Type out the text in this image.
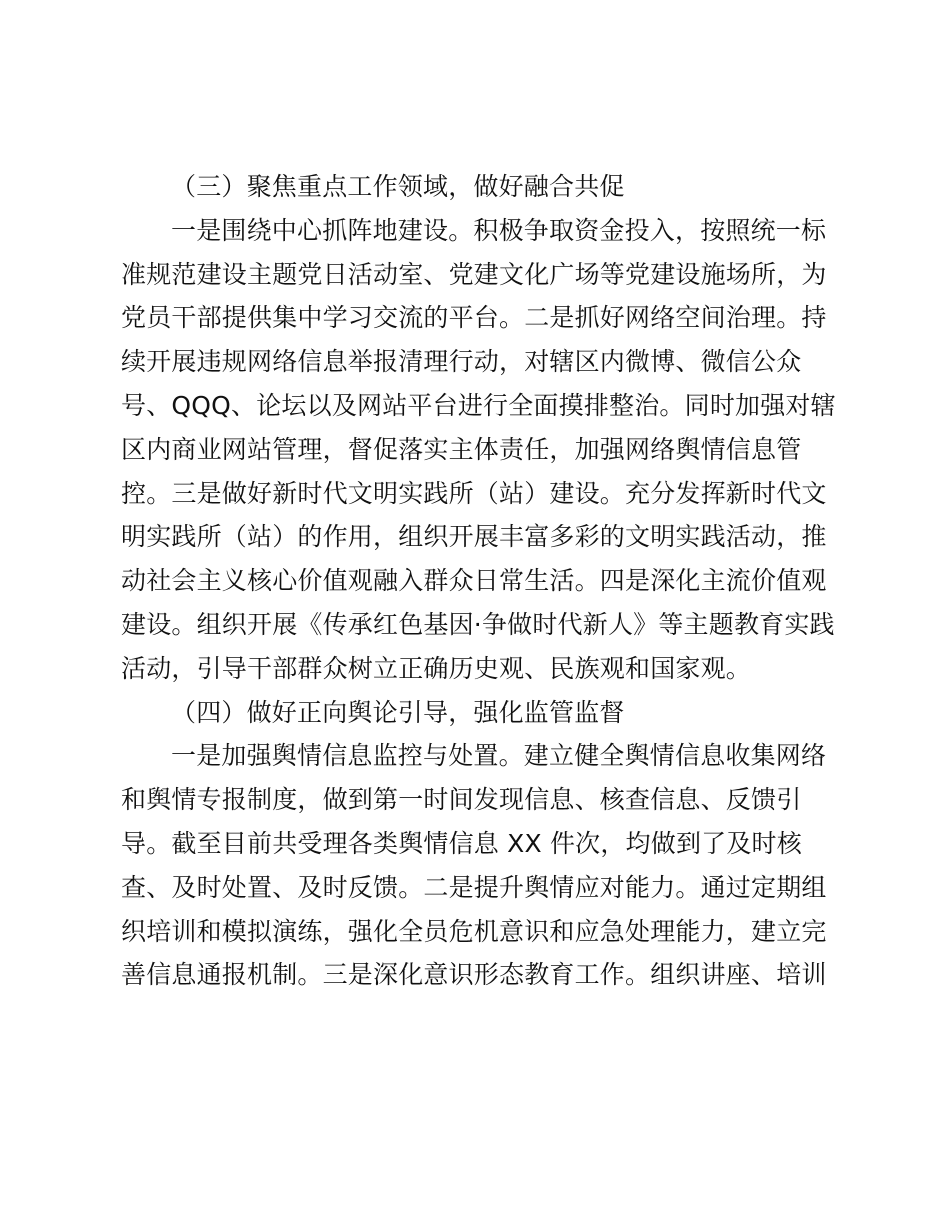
（三）聚焦重点工作领域，做好融合共促
一是围绕中心抓阵地建设。积极争取资金投入，按照统一标
准规范建设主题党日活动室、党建文化广场等党建设施场所，为
党员干部提供集中学习交流的平台。二是抓好网络空间治理。持
续开展违规网络信息举报清理行动，对辖区内微博、微信公众
号、QQQ、论坛以及网站平台进行全面摸排整治。同时加强对辖
区内商业网站管理，督促落实主体责任，加强网络舆情信息管
控。三是做好新时代文明实践所（站）建设。充分发挥新时代文
明实践所（站）的作用，组织开展丰富多彩的文明实践活动，推
动社会主义核心价值观融入群众日常生活。四是深化主流价值观
建设。组织开展《传承红色基因·争做时代新人》等主题教育实践
活动，引导干部群众树立正确历史观、民族观和国家观。
（四）做好正向舆论引导，强化监管监督
一是加强舆情信息监控与处置。建立健全舆情信息收集网络
和舆情专报制度，做到第一时间发现信息、核查信息、反馈引
导。截至目前共受理各类舆情信息 XX 件次，均做到了及时核
查、及时处置、及时反馈。二是提升舆情应对能力。通过定期组
织培训和模拟演练，强化全员危机意识和应急处理能力，建立完
善信息通报机制。三是深化意识形态教育工作。组织讲座、培训
